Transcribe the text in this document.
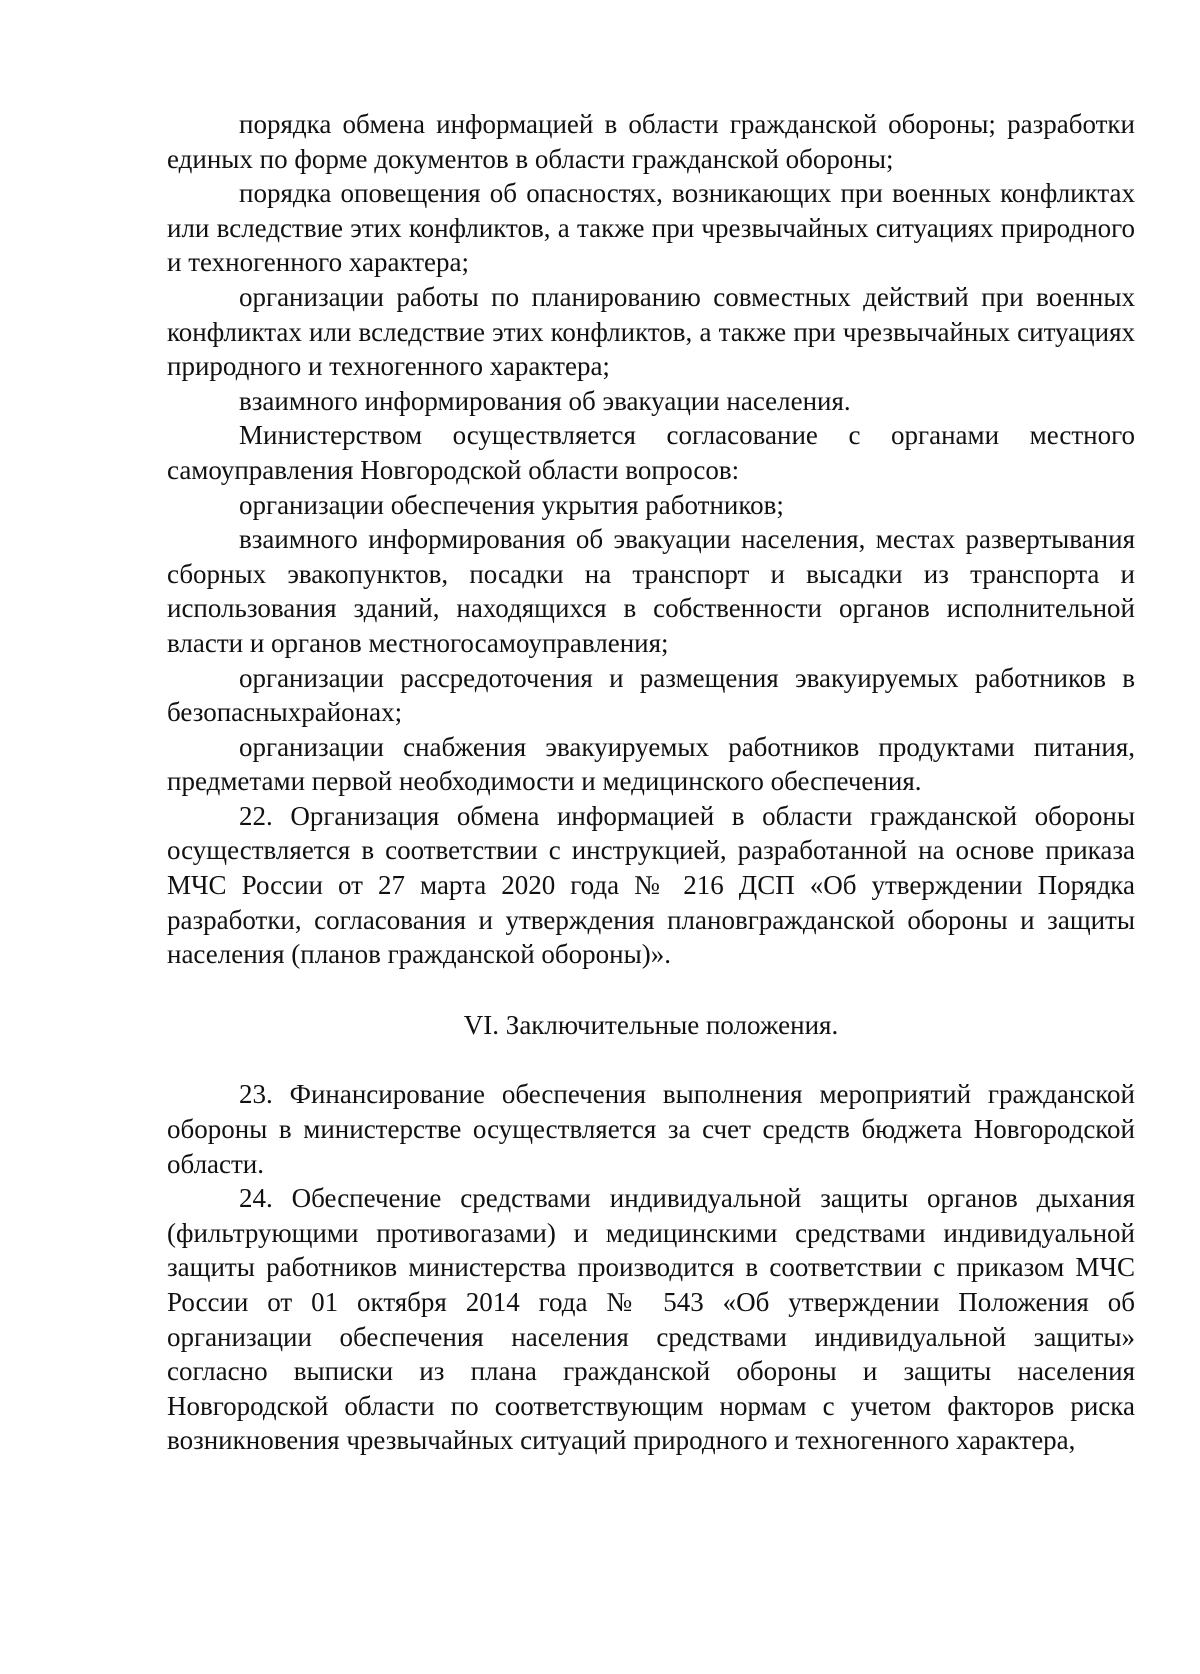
порядка обмена информацией в области гражданской обороны; разработки единых по форме документов в области гражданской обороны;

порядка оповещения об опасностях, возникающих при военных конфликтах или вследствие этих конфликтов, а также при чрезвычайных ситуациях природного и техногенного характера;

организации работы по планированию совместных действий при военных конфликтах или вследствие этих конфликтов, а также при чрезвычайных ситуациях природного и техногенного характера;

взаимного информирования об эвакуации населения.

Министерством осуществляется согласование с органами местного самоуправления Новгородской области вопросов:

организации обеспечения укрытия работников;

взаимного информирования об эвакуации населения, местах развертывания сборных эвакопунктов, посадки на транспорт и высадки из транспорта и использования зданий, находящихся в собственности органов исполнительной власти и органов местногосамоуправления;

организации рассредоточения и размещения эвакуируемых работников в безопасныхрайонах;

организации снабжения эвакуируемых работников продуктами питания, предметами первой необходимости и медицинского обеспечения.

22. Организация обмена информацией в области гражданской обороны осуществляется в соответствии с инструкцией, разработанной на основе приказа МЧС России от 27 марта 2020 года № 216 ДСП «Об утверждении Порядка разработки, согласования и утверждения плановгражданской обороны и защиты населения (планов гражданской обороны)».

VI. Заключительные положения.

23. Финансирование обеспечения выполнения мероприятий гражданской обороны в министерстве осуществляется за счет средств бюджета Новгородской области.

24. Обеспечение средствами индивидуальной защиты органов дыхания (фильтрующими противогазами) и медицинскими средствами индивидуальной защиты работников министерства производится в соответствии с приказом МЧС России от 01 октября 2014 года № 543 «Об утверждении Положения об организации обеспечения населения средствами индивидуальной защиты» согласно выписки из плана гражданской обороны и защиты населения Новгородской области по соответствующим нормам с учетом факторов риска возникновения чрезвычайных ситуаций природного и техногенного характера,
